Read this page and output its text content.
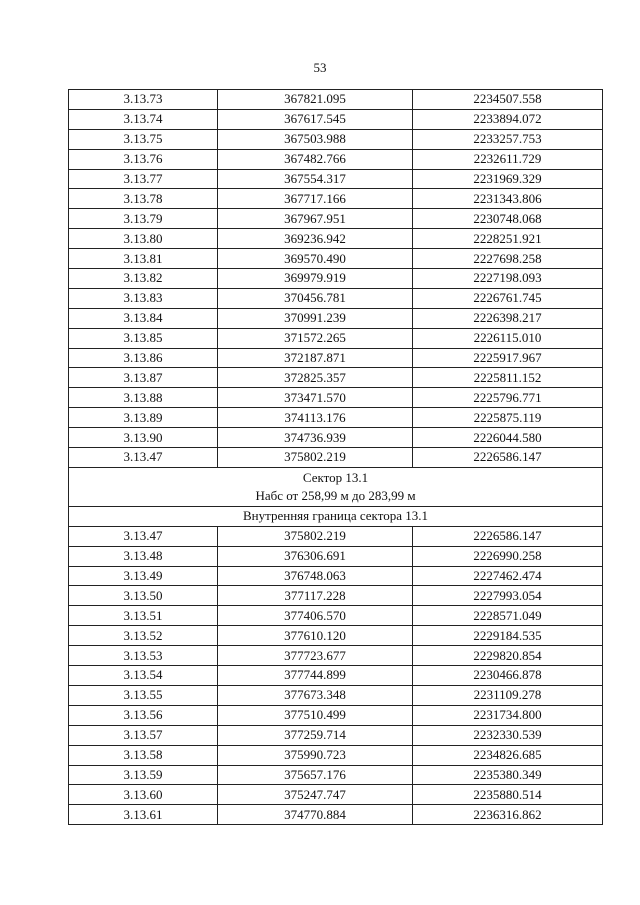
53
3.13.73	367821.095	2234507.558
3.13.74	367617.545	2233894.072
3.13.75	367503.988	2233257.753
3.13.76	367482.766	2232611.729
3.13.77	367554.317	2231969.329
3.13.78	367717.166	2231343.806
3.13.79	367967.951	2230748.068
3.13.80	369236.942	2228251.921
3.13.81	369570.490	2227698.258
3.13.82	369979.919	2227198.093
3.13.83	370456.781	2226761.745
3.13.84	370991.239	2226398.217
3.13.85	371572.265	2226115.010
3.13.86	372187.871	2225917.967
3.13.87	372825.357	2225811.152
3.13.88	373471.570	2225796.771
3.13.89	374113.176	2225875.119
3.13.90	374736.939	2226044.580
3.13.47	375802.219	2226586.147

Сектор 13.1
Набс от 258,99 м до 283,99 м		

Внутренняя граница сектора 13.1		
3.13.47	375802.219	2226586.147
3.13.48	376306.691	2226990.258
3.13.49	376748.063	2227462.474
3.13.50	377117.228	2227993.054
3.13.51	377406.570	2228571.049
3.13.52	377610.120	2229184.535
3.13.53	377723.677	2229820.854
3.13.54	377744.899	2230466.878
3.13.55	377673.348	2231109.278
3.13.56	377510.499	2231734.800
3.13.57	377259.714	2232330.539
3.13.58	375990.723	2234826.685
3.13.59	375657.176	2235380.349
3.13.60	375247.747	2235880.514
3.13.61	374770.884	2236316.862
